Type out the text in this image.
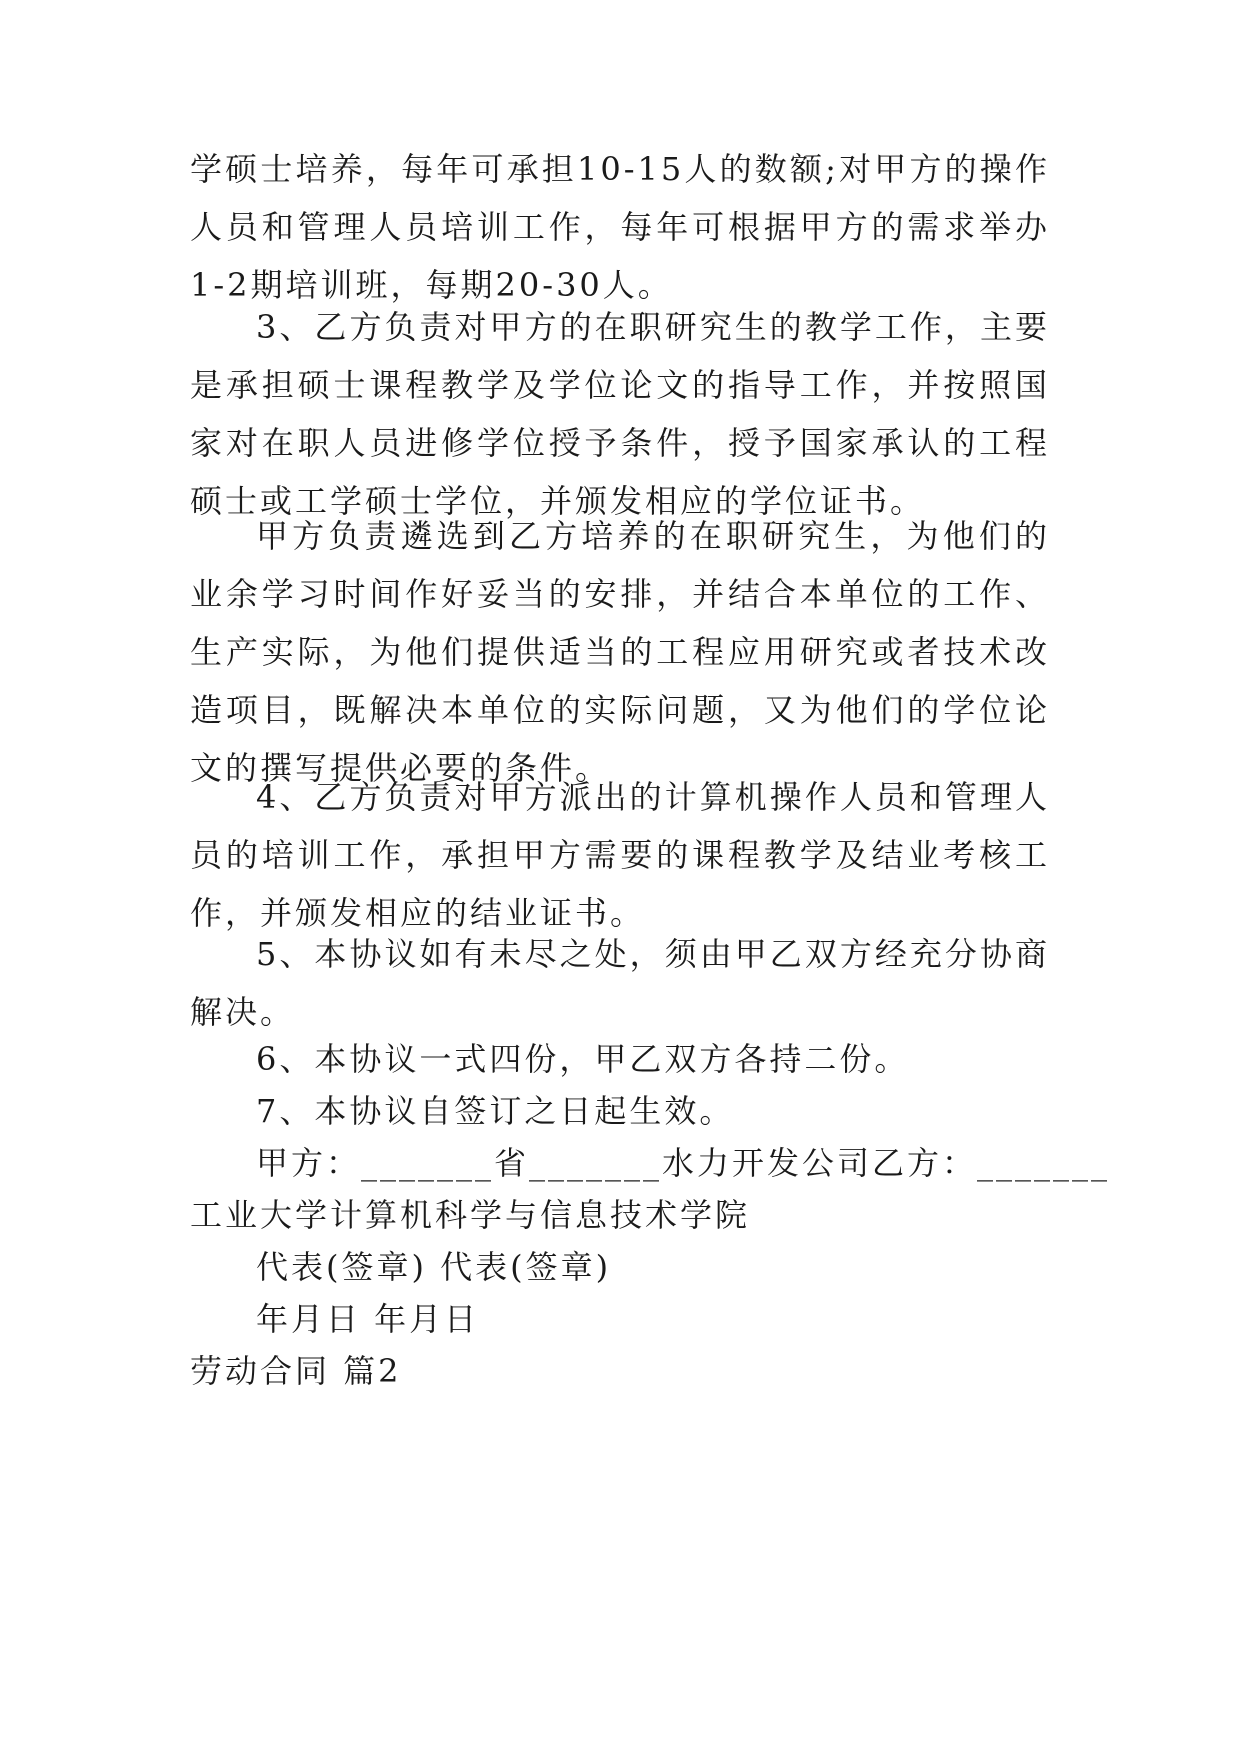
学硕士培养，每年可承担10-15人的数额;对甲方的操作人员和管理人员培训工作，每年可根据甲方的需求举办1-2期培训班，每期20-30人。

3、乙方负责对甲方的在职研究生的教学工作，主要是承担硕士课程教学及学位论文的指导工作，并按照国家对在职人员进修学位授予条件，授予国家承认的工程硕士或工学硕士学位，并颁发相应的学位证书。

甲方负责遴选到乙方培养的在职研究生，为他们的业余学习时间作好妥当的安排，并结合本单位的工作、生产实际，为他们提供适当的工程应用研究或者技术改造项目，既解决本单位的实际问题，又为他们的学位论文的撰写提供必要的条件。

4、乙方负责对甲方派出的计算机操作人员和管理人员的培训工作，承担甲方需要的课程教学及结业考核工作，并颁发相应的结业证书。

5、本协议如有未尽之处，须由甲乙双方经充分协商解决。

6、本协议一式四份，甲乙双方各持二份。

7、本协议自签订之日起生效。

甲方：_______省_______水力开发公司乙方：_______

工业大学计算机科学与信息技术学院

代表(签章) 代表(签章)

年月日 年月日

劳动合同 篇2
